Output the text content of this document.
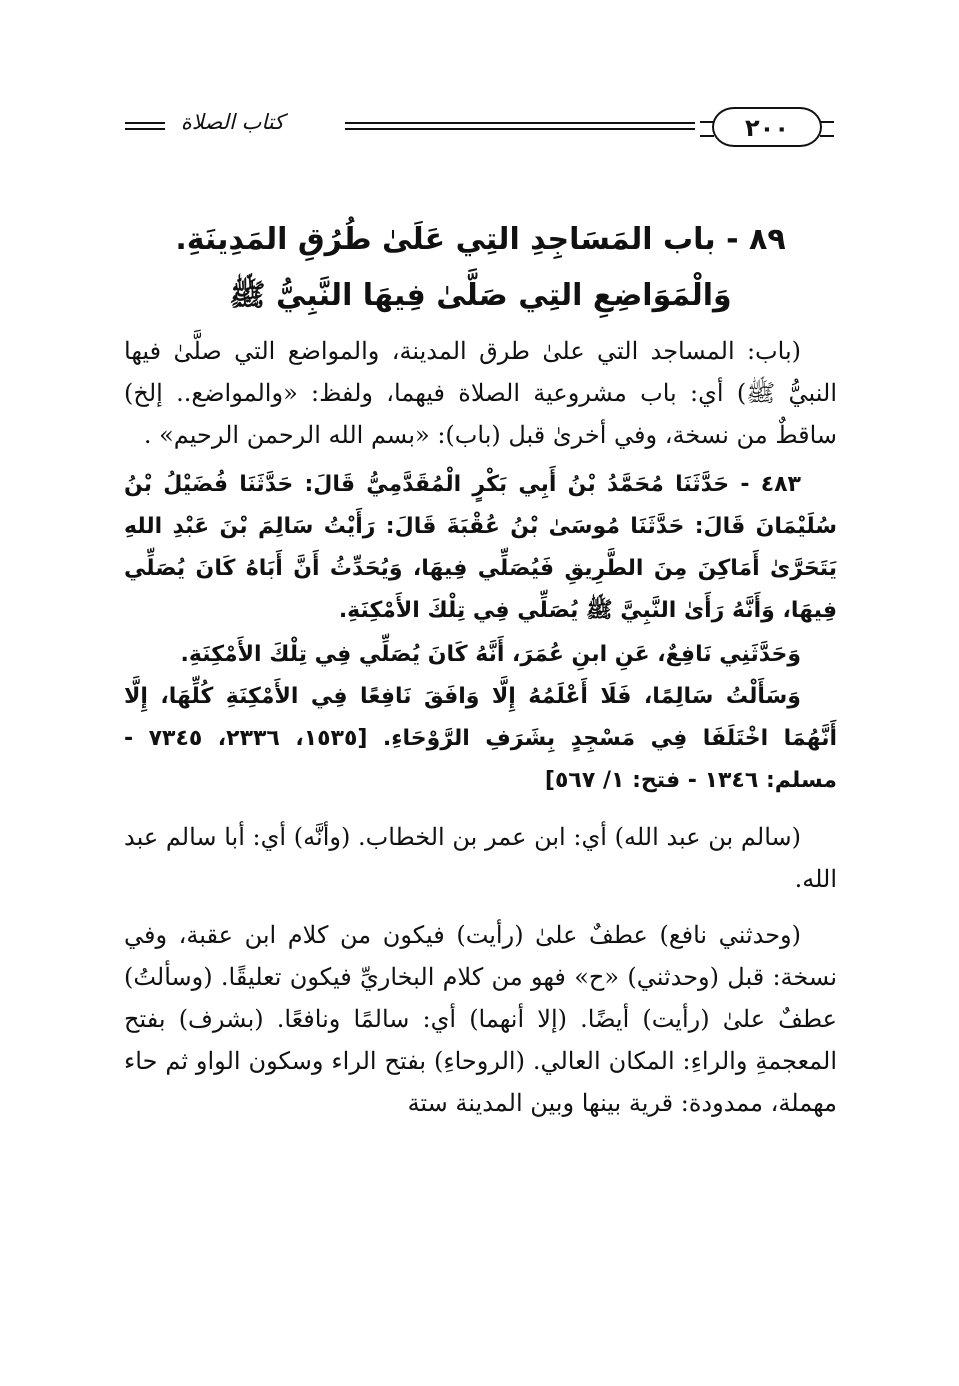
كتاب الصلاة	٢٠٠
٨٩ - باب المَسَاجِدِ التِي عَلَىٰ طُرُقِ المَدِينَةِ. وَالْمَوَاضِعِ التِي صَلَّىٰ فِيهَا النَّبِيُّ ﷺ

(باب: المساجد التي علىٰ طرق المدينة، والمواضع التي صلَّىٰ فيها النبيُّ ﷺ) أي: باب مشروعية الصلاة فيهما، ولفظ: «والمواضع.. إلخ) ساقطٌ من نسخة، وفي أخرىٰ قبل (باب): «بسم الله الرحمن الرحيم» .

٤٨٣ - حَدَّثَنَا مُحَمَّدُ بْنُ أَبِي بَكْرٍ الْمُقَدَّمِيُّ قَالَ: حَدَّثَنَا فُضَيْلُ بْنُ سُلَيْمَانَ قَالَ: حَدَّثَنَا مُوسَىٰ بْنُ عُقْبَةَ قَالَ: رَأَيْتُ سَالِمَ بْنَ عَبْدِ اللهِ يَتَحَرَّىٰ أَمَاكِنَ مِنَ الطَّرِيقِ فَيُصَلِّي فِيهَا، وَيُحَدِّثُ أَنَّ أَبَاهُ كَانَ يُصَلِّي فِيهَا، وَأَنَّهُ رَأَىٰ النَّبِيَّ ﷺ يُصَلِّي فِي تِلْكَ الأَمْكِنَةِ.

وَحَدَّثَنِي نَافِعٌ، عَنِ ابنِ عُمَرَ، أَنَّهُ كَانَ يُصَلِّي فِي تِلْكَ الأَمْكِنَةِ.

وَسَأَلْتُ سَالِمًا، فَلَا أَعْلَمُهُ إِلَّا وَافَقَ نَافِعًا فِي الأَمْكِنَةِ كُلِّهَا، إِلَّا أَنَّهُمَا اخْتَلَفَا فِي مَسْجِدٍ بِشَرَفِ الرَّوْحَاءِ. [١٥٣٥، ٢٣٣٦، ٧٣٤٥ - مسلم: ١٣٤٦ - فتح: ١/ ٥٦٧]

(سالم بن عبد الله) أي: ابن عمر بن الخطاب. (وأنَّه) أي: أبا سالم عبد الله.

(وحدثني نافع) عطفٌ علىٰ (رأيت) فيكون من كلام ابن عقبة، وفي نسخة: قبل (وحدثني) «ح» فهو من كلام البخاريِّ فيكون تعليقًا. (وسألتُ) عطفٌ علىٰ (رأيت) أيضًا. (إلا أنهما) أي: سالمًا ونافعًا. (بشرف) بفتح المعجمةِ والراءِ: المكان العالي. (الروحاءِ) بفتح الراء وسكون الواو ثم حاء مهملة، ممدودة: قرية بينها وبين المدينة ستة
